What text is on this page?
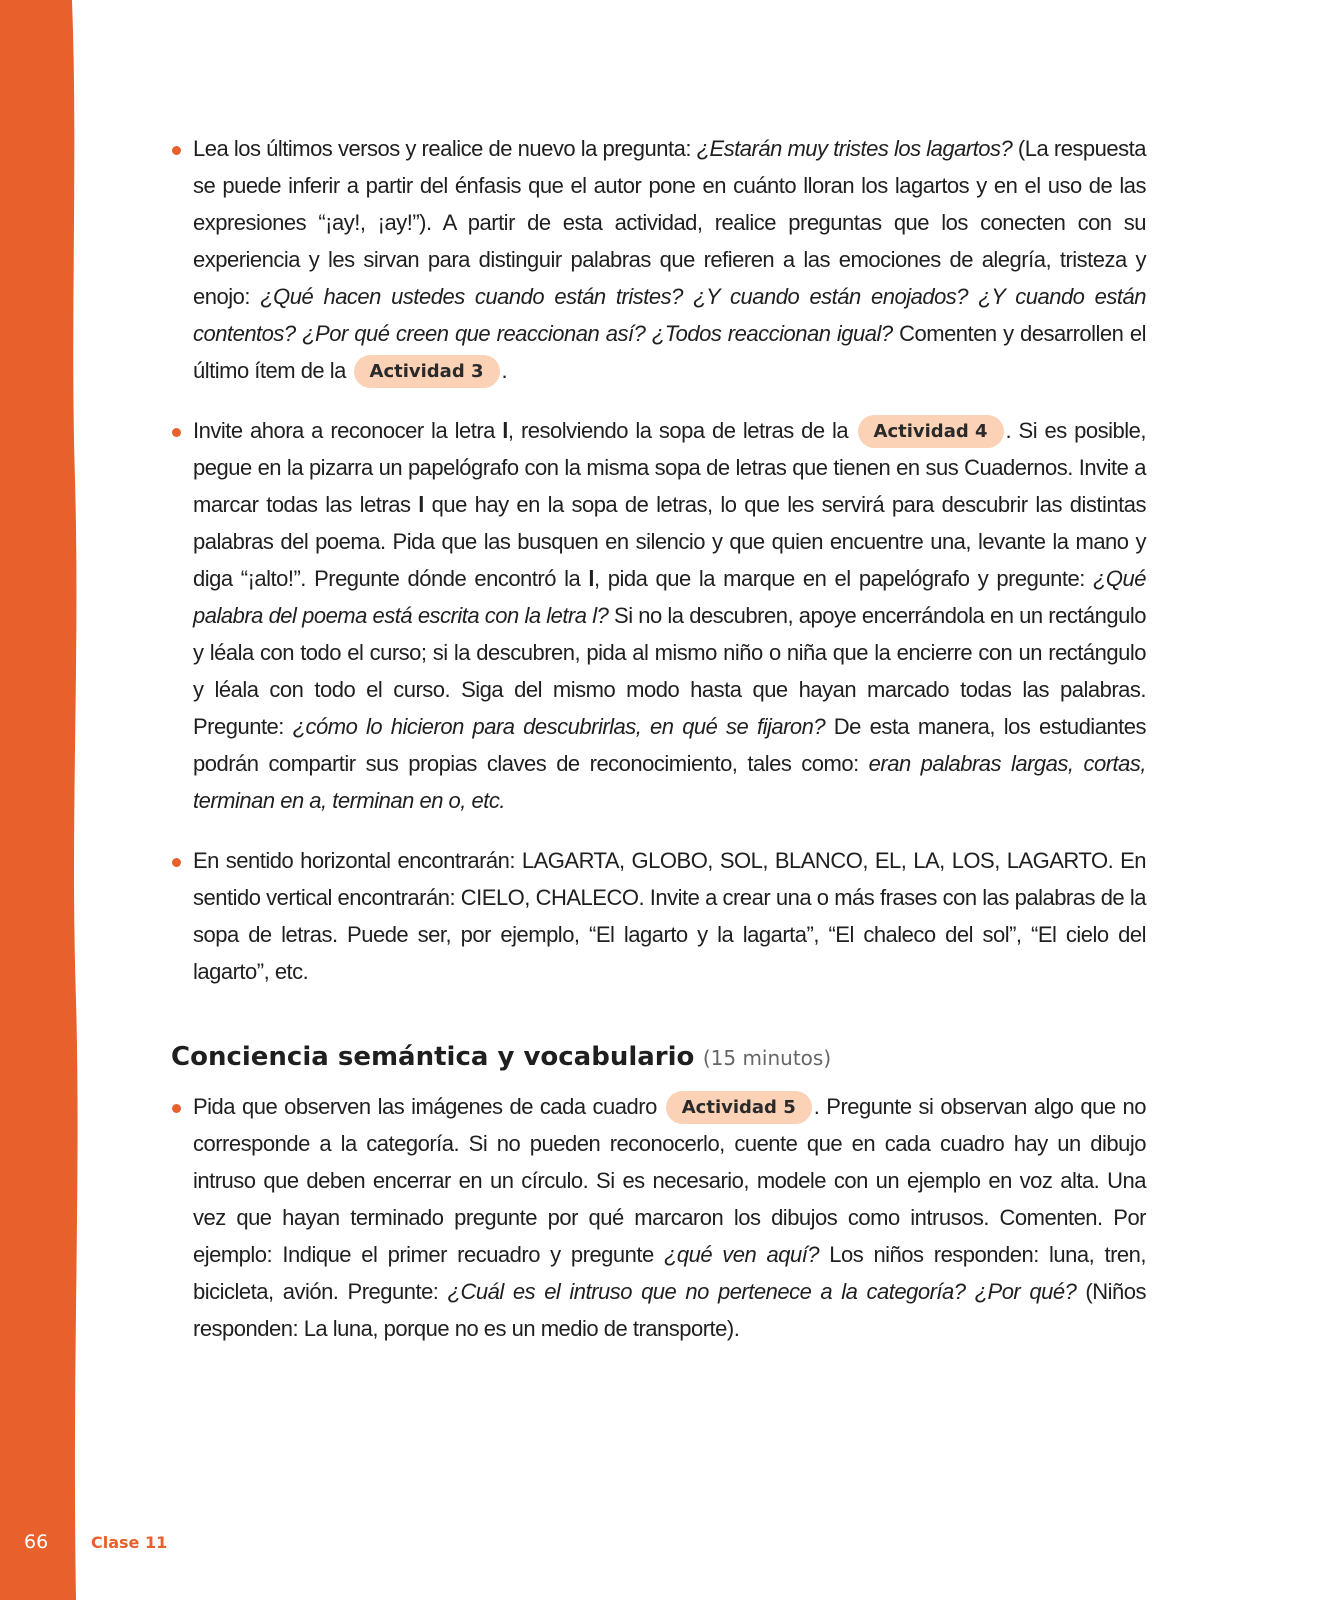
66	Clase 11

Lea los últimos versos y realice de nuevo la pregunta: ¿Estarán muy tristes los lagartos? (La respuesta se puede inferir a partir del énfasis que el autor pone en cuánto lloran los lagartos y en el uso de las expresiones “¡ay!, ¡ay!”). A partir de esta actividad, realice preguntas que los conecten con su experiencia y les sirvan para distinguir palabras que refieren a las emociones de alegría, tristeza y enojo: ¿Qué hacen ustedes cuando están tristes? ¿Y cuando están enojados? ¿Y cuando están contentos? ¿Por qué creen que reaccionan así? ¿Todos reaccionan igual? Comenten y desarrollen el último ítem de la Actividad 3 .

Invite ahora a reconocer la letra l, resolviendo la sopa de letras de la Actividad 4 . Si es posible, pegue en la pizarra un papelógrafo con la misma sopa de letras que tienen en sus Cuadernos. Invite a marcar todas las letras l que hay en la sopa de letras, lo que les servirá para descubrir las distintas palabras del poema. Pida que las busquen en silencio y que quien encuentre una, levante la mano y diga “¡alto!”. Pregunte dónde encontró la l, pida que la marque en el papelógrafo y pregunte: ¿Qué palabra del poema está escrita con la letra l? Si no la descubren, apoye encerrándola en un rectángulo y léala con todo el curso; si la descubren, pida al mismo niño o niña que la encierre con un rectángulo y léala con todo el curso. Siga del mismo modo hasta que hayan marcado todas las palabras. Pregunte: ¿cómo lo hicieron para descubrirlas, en qué se fijaron? De esta manera, los estudiantes podrán compartir sus propias claves de reconocimiento, tales como: eran palabras largas, cortas, terminan en a, terminan en o, etc.

En sentido horizontal encontrarán: LAGARTA, GLOBO, SOL, BLANCO, EL, LA, LOS, LAGARTO. En sentido vertical encontrarán: CIELO, CHALECO. Invite a crear una o más frases con las palabras de la sopa de letras. Puede ser, por ejemplo, “El lagarto y la lagarta”, “El chaleco del sol”, “El cielo del lagarto”, etc.

Conciencia semántica y vocabulario (15 minutos)

Pida que observen las imágenes de cada cuadro Actividad 5 . Pregunte si observan algo que no corresponde a la categoría. Si no pueden reconocerlo, cuente que en cada cuadro hay un dibujo intruso que deben encerrar en un círculo. Si es necesario, modele con un ejemplo en voz alta. Una vez que hayan terminado pregunte por qué marcaron los dibujos como intrusos. Comenten. Por ejemplo: Indique el primer recuadro y pregunte ¿qué ven aquí? Los niños responden: luna, tren, bicicleta, avión. Pregunte: ¿Cuál es el intruso que no pertenece a la categoría? ¿Por qué? (Niños responden: La luna, porque no es un medio de transporte).
